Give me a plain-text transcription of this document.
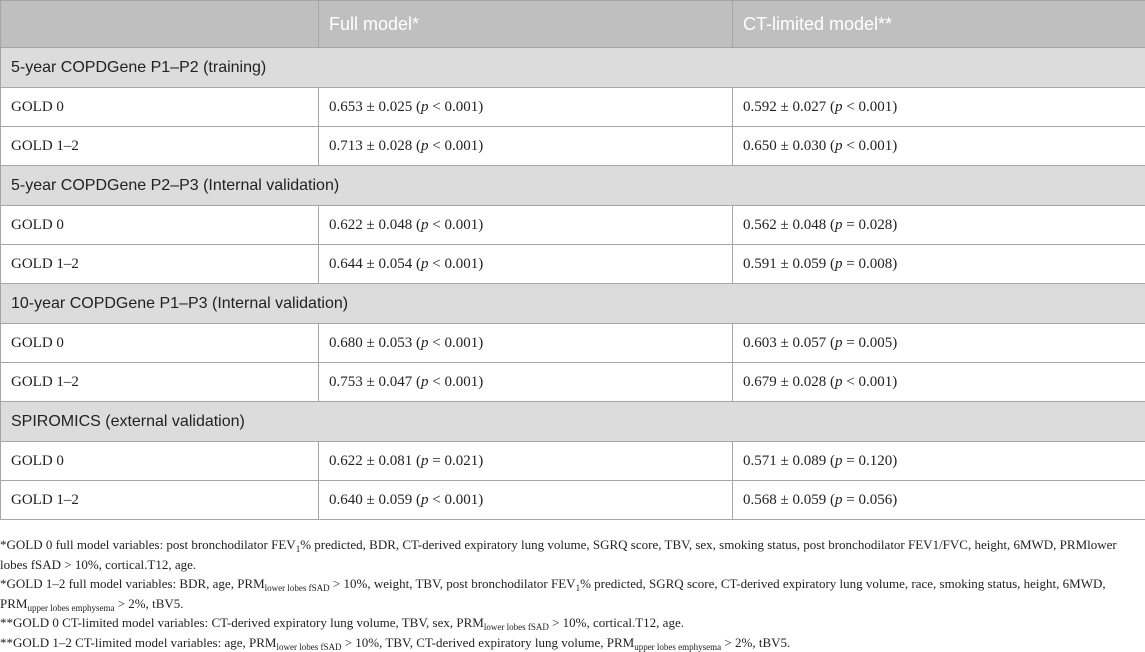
	Full model*	CT-limited model**
5-year COPDGene P1–P2 (training)		
GOLD 0	0.653 ± 0.025 (p < 0.001)	0.592 ± 0.027 (p < 0.001)
GOLD 1–2	0.713 ± 0.028 (p < 0.001)	0.650 ± 0.030 (p < 0.001)
5-year COPDGene P2–P3 (Internal validation)		
GOLD 0	0.622 ± 0.048 (p < 0.001)	0.562 ± 0.048 (p = 0.028)
GOLD 1–2	0.644 ± 0.054 (p < 0.001)	0.591 ± 0.059 (p = 0.008)
10-year COPDGene P1–P3 (Internal validation)		
GOLD 0	0.680 ± 0.053 (p < 0.001)	0.603 ± 0.057 (p = 0.005)
GOLD 1–2	0.753 ± 0.047 (p < 0.001)	0.679 ± 0.028 (p < 0.001)
SPIROMICS (external validation)		
GOLD 0	0.622 ± 0.081 (p = 0.021)	0.571 ± 0.089 (p = 0.120)
GOLD 1–2	0.640 ± 0.059 (p < 0.001)	0.568 ± 0.059 (p = 0.056)

*GOLD 0 full model variables: post bronchodilator $FEV_1\%$ predicted, BDR, CT-derived expiratory lung volume, SGRQ score, TBV, sex, smoking status, post bronchodilator FEV1/FVC, height, 6MWD, PRMlower lobes fSAD > 10%, cortical.T12, age.

*GOLD 1–2 full model variables: BDR, age, $PRM_{lower lobes fSAD} > 10\%$, weight, TBV, post bronchodilator $FEV_1\%$ predicted, SGRQ score, CT-derived expiratory lung volume, race, smoking status, height, 6MWD, $PRM_{upper lobes emphysema} > 2\%$, tBV5.

**GOLD 0 CT-limited model variables: CT-derived expiratory lung volume, TBV, sex, $PRM_{lower lobes fSAD} > 10\%$, cortical.T12, age.

**GOLD 1–2 CT-limited model variables: age, $PRM_{lower lobes fSAD} > 10\%$, TBV, CT-derived expiratory lung volume, $PRM_{upper lobes emphysema} > 2\%$, tBV5.
